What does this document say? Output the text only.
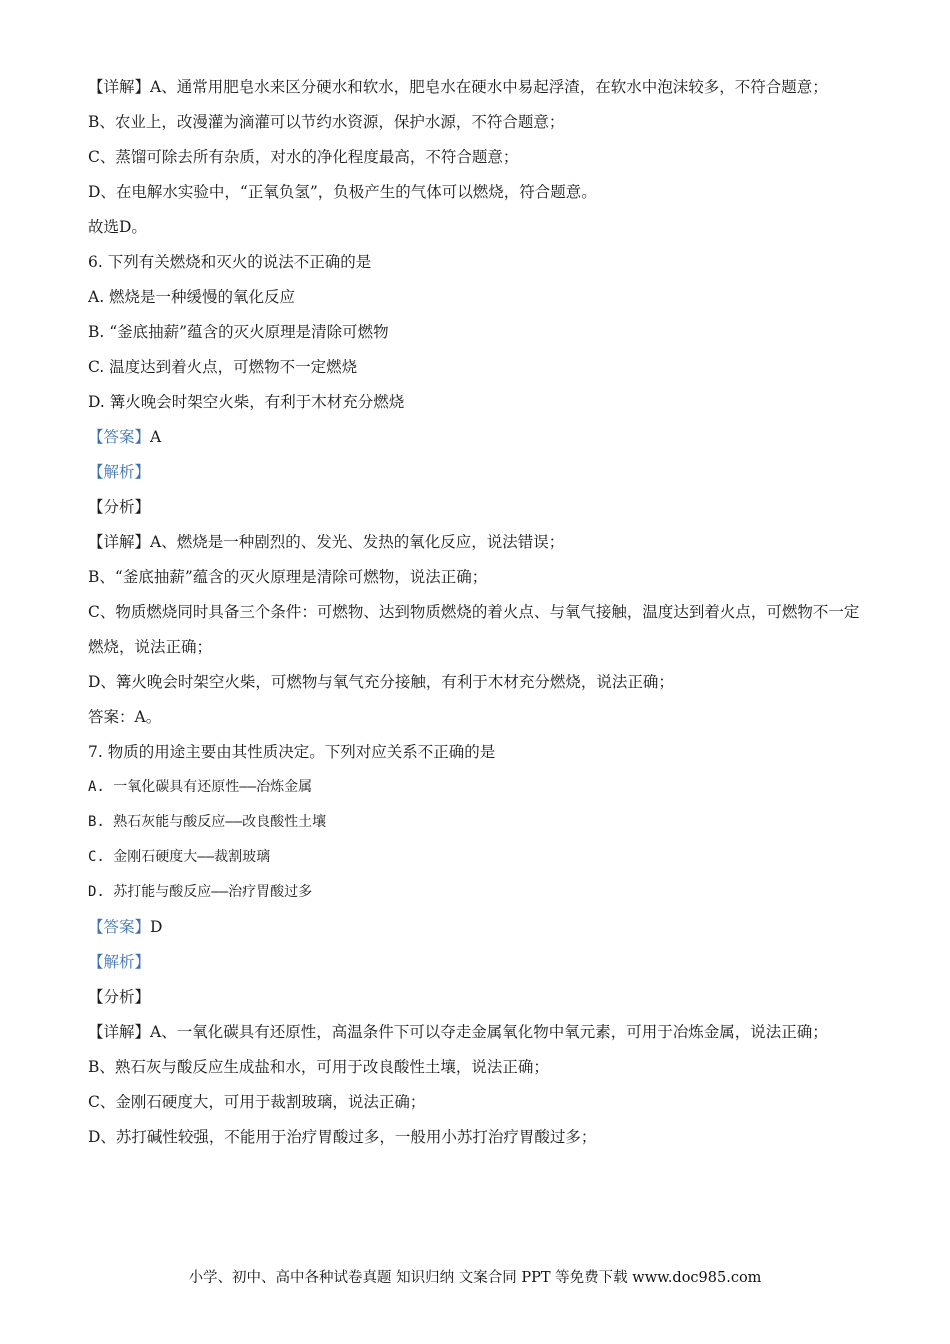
【详解】A、通常用肥皂水来区分硬水和软水，肥皂水在硬水中易起浮渣，在软水中泡沫较多，不符合题意；
B、农业上，改漫灌为滴灌可以节约水资源，保护水源，不符合题意；
C、蒸馏可除去所有杂质，对水的净化程度最高，不符合题意；
D、在电解水实验中，“正氧负氢”，负极产生的气体可以燃烧，符合题意。
故选D。
6. 下列有关燃烧和灭火的说法不正确的是
A. 燃烧是一种缓慢的氧化反应
B. “釜底抽薪”蕴含的灭火原理是清除可燃物
C. 温度达到着火点，可燃物不一定燃烧
D. 篝火晚会时架空火柴，有利于木材充分燃烧
【答案】A
【解析】
【分析】
【详解】A、燃烧是一种剧烈的、发光、发热的氧化反应，说法错误；
B、“釜底抽薪”蕴含的灭火原理是清除可燃物，说法正确；
C、物质燃烧同时具备三个条件：可燃物、达到物质燃烧的着火点、与氧气接触，温度达到着火点，可燃物不一定燃烧，说法正确；
D、篝火晚会时架空火柴，可燃物与氧气充分接触，有利于木材充分燃烧，说法正确；
答案：A。
7. 物质的用途主要由其性质决定。下列对应关系不正确的是
A. 一氧化碳具有还原性——冶炼金属
B. 熟石灰能与酸反应——改良酸性土壤
C. 金刚石硬度大——裁割玻璃
D. 苏打能与酸反应——治疗胃酸过多
【答案】D
【解析】
【分析】
【详解】A、一氧化碳具有还原性，高温条件下可以夺走金属氧化物中氧元素，可用于冶炼金属，说法正确；
B、熟石灰与酸反应生成盐和水，可用于改良酸性土壤，说法正确；
C、金刚石硬度大，可用于裁割玻璃，说法正确；
D、苏打碱性较强，不能用于治疗胃酸过多，一般用小苏打治疗胃酸过多；
小学、初中、高中各种试卷真题 知识归纳 文案合同 PPT 等免费下载 www.doc985.com
